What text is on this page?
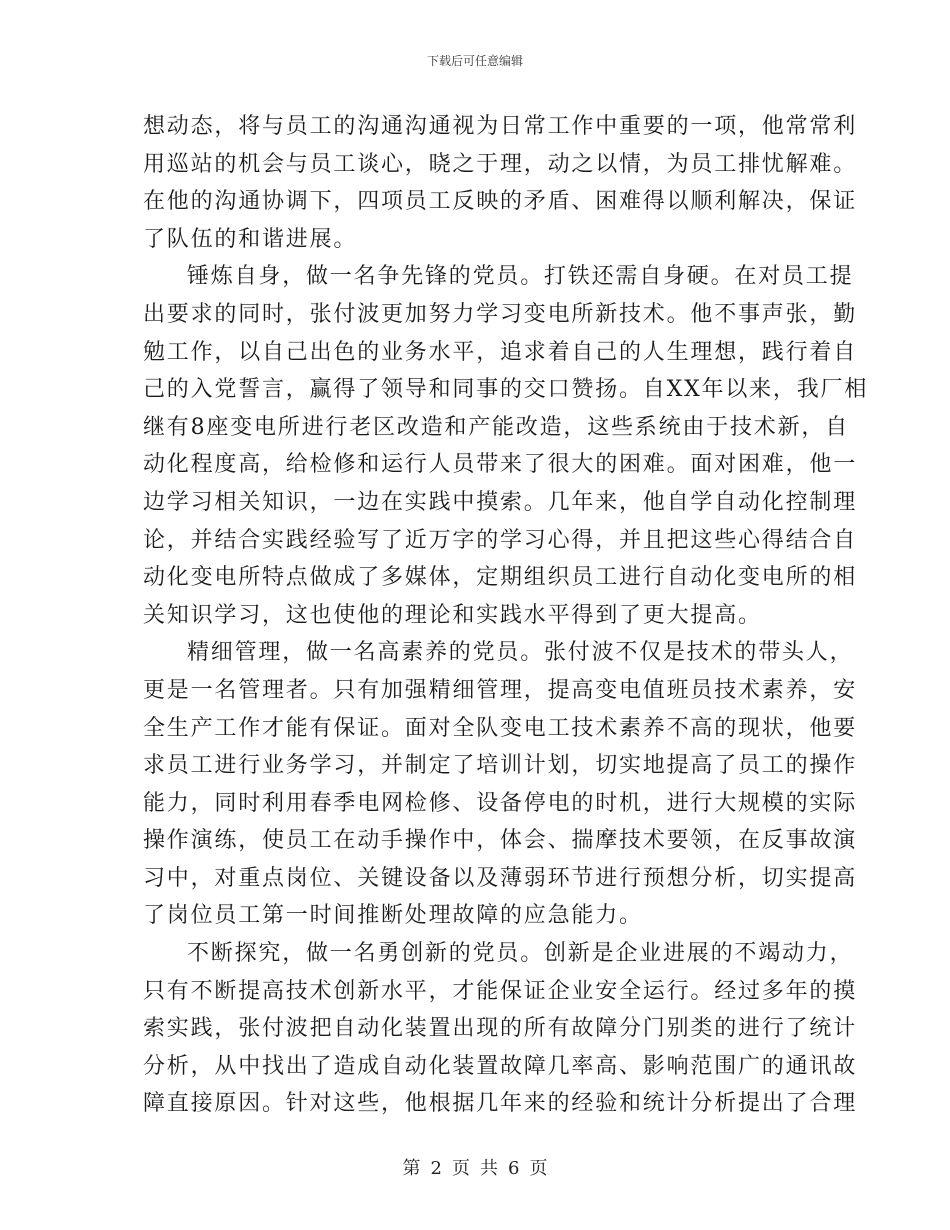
下载后可任意编辑
想动态，将与员工的沟通沟通视为日常工作中重要的一项，他常常利
用巡站的机会与员工谈心，晓之于理，动之以情，为员工排忧解难。
在他的沟通协调下，四项员工反映的矛盾、困难得以顺利解决，保证
了队伍的和谐进展。
锤炼自身，做一名争先锋的党员。打铁还需自身硬。在对员工提
出要求的同时，张付波更加努力学习变电所新技术。他不事声张，勤
勉工作，以自己出色的业务水平，追求着自己的人生理想，践行着自
己的入党誓言，赢得了领导和同事的交口赞扬。自XX年以来，我厂相
继有8座变电所进行老区改造和产能改造，这些系统由于技术新，自
动化程度高，给检修和运行人员带来了很大的困难。面对困难，他一
边学习相关知识，一边在实践中摸索。几年来，他自学自动化控制理
论，并结合实践经验写了近万字的学习心得，并且把这些心得结合自
动化变电所特点做成了多媒体，定期组织员工进行自动化变电所的相
关知识学习，这也使他的理论和实践水平得到了更大提高。
精细管理，做一名高素养的党员。张付波不仅是技术的带头人，
更是一名管理者。只有加强精细管理，提高变电值班员技术素养，安
全生产工作才能有保证。面对全队变电工技术素养不高的现状，他要
求员工进行业务学习，并制定了培训计划，切实地提高了员工的操作
能力，同时利用春季电网检修、设备停电的时机，进行大规模的实际
操作演练，使员工在动手操作中，体会、揣摩技术要领，在反事故演
习中，对重点岗位、关键设备以及薄弱环节进行预想分析，切实提高
了岗位员工第一时间推断处理故障的应急能力。
不断探究，做一名勇创新的党员。创新是企业进展的不竭动力，
只有不断提高技术创新水平，才能保证企业安全运行。经过多年的摸
索实践，张付波把自动化装置出现的所有故障分门别类的进行了统计
分析，从中找出了造成自动化装置故障几率高、影响范围广的通讯故
障直接原因。针对这些，他根据几年来的经验和统计分析提出了合理
第 2 页 共 6 页
